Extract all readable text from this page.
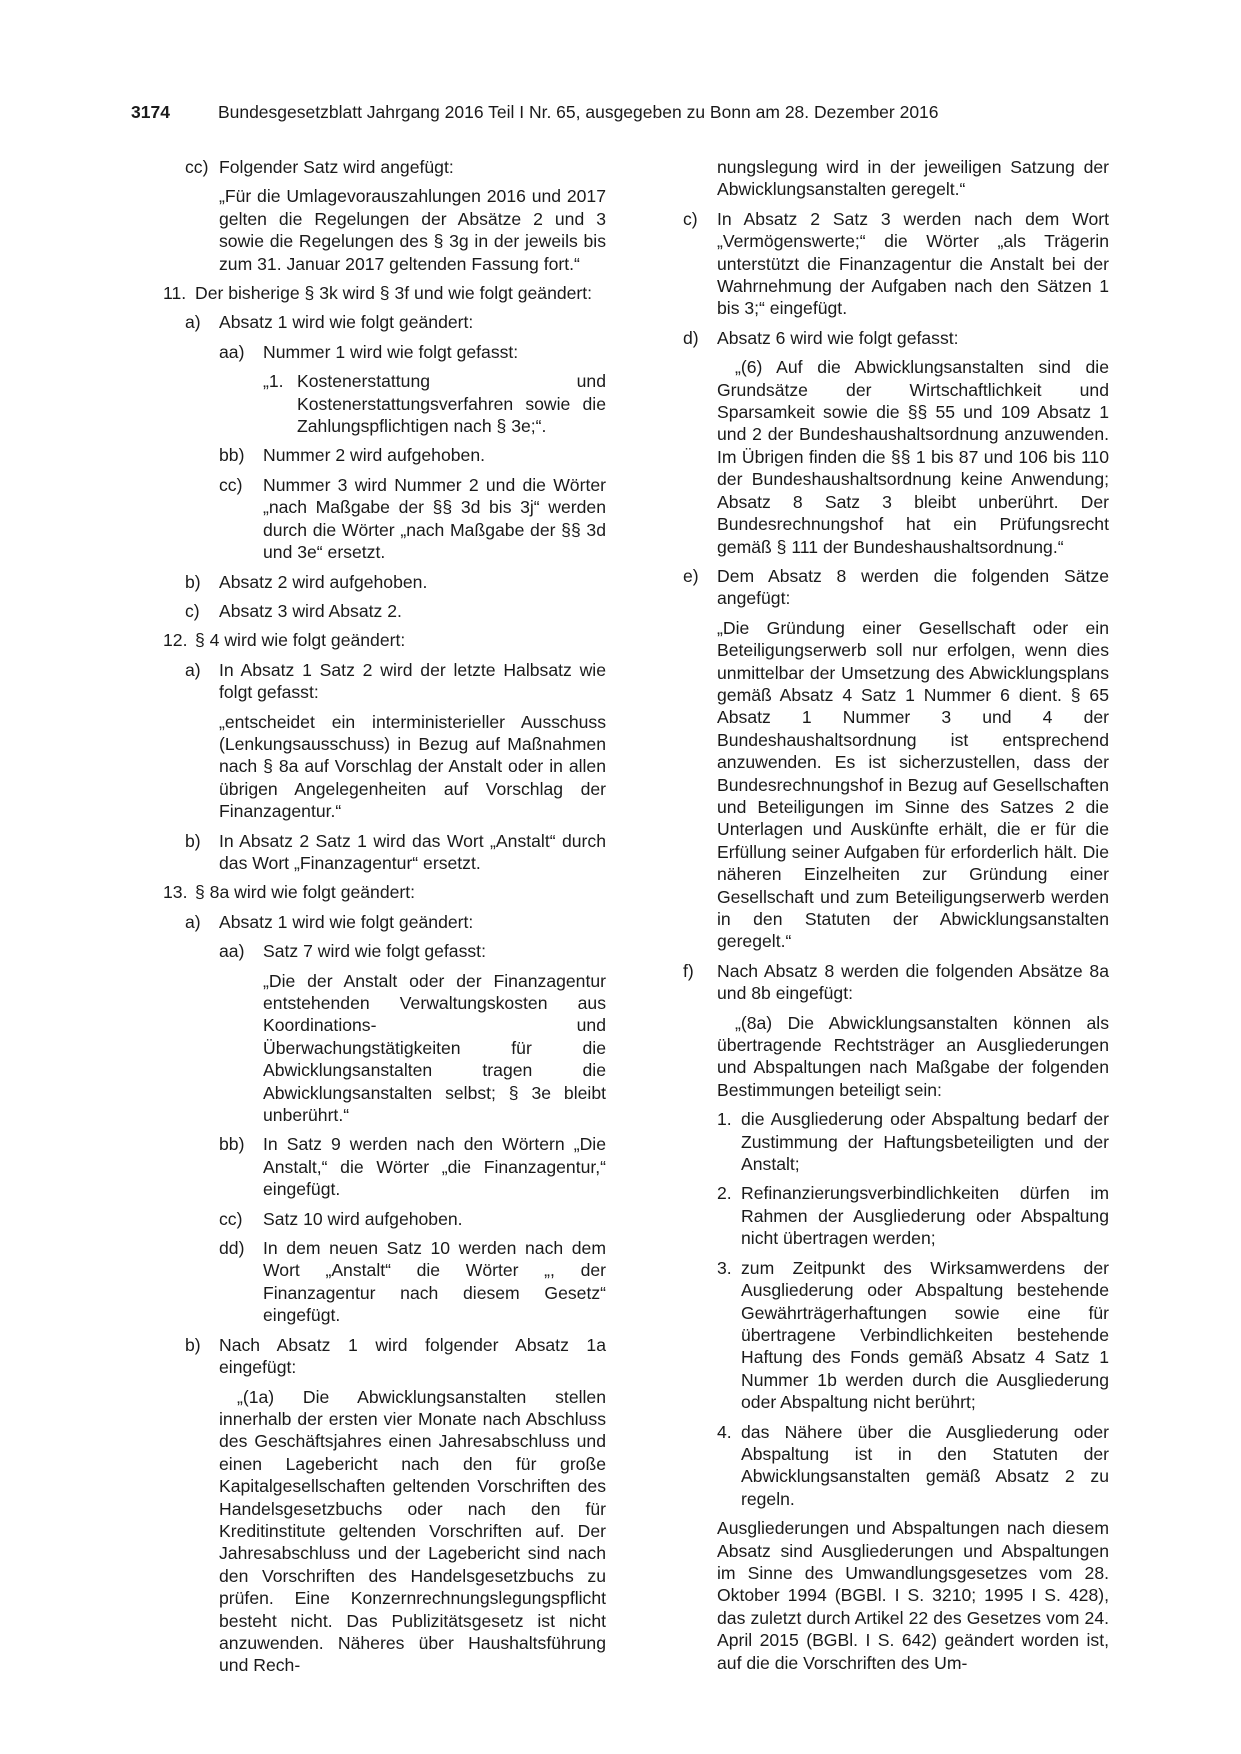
3174	Bundesgesetzblatt Jahrgang 2016 Teil I Nr. 65, ausgegeben zu Bonn am 28. Dezember 2016

cc) Folgender Satz wird angefügt:

„Für die Umlagevorauszahlungen 2016 und 2017 gelten die Regelungen der Absätze 2 und 3 sowie die Regelungen des § 3g in der jeweils bis zum 31. Januar 2017 geltenden Fassung fort.“

11. Der bisherige § 3k wird § 3f und wie folgt geändert:

a) Absatz 1 wird wie folgt geändert:

aa) Nummer 1 wird wie folgt gefasst:

„1. Kostenerstattung und Kostenerstattungsverfahren sowie die Zahlungspflichtigen nach § 3e;“.

bb) Nummer 2 wird aufgehoben.

cc) Nummer 3 wird Nummer 2 und die Wörter „nach Maßgabe der §§ 3d bis 3j“ werden durch die Wörter „nach Maßgabe der §§ 3d und 3e“ ersetzt.

b) Absatz 2 wird aufgehoben.

c) Absatz 3 wird Absatz 2.

12. § 4 wird wie folgt geändert:

a) In Absatz 1 Satz 2 wird der letzte Halbsatz wie folgt gefasst:

„entscheidet ein interministerieller Ausschuss (Lenkungsausschuss) in Bezug auf Maßnahmen nach § 8a auf Vorschlag der Anstalt oder in allen übrigen Angelegenheiten auf Vorschlag der Finanzagentur.“

b) In Absatz 2 Satz 1 wird das Wort „Anstalt“ durch das Wort „Finanzagentur“ ersetzt.

13. § 8a wird wie folgt geändert:

a) Absatz 1 wird wie folgt geändert:

aa) Satz 7 wird wie folgt gefasst:

„Die der Anstalt oder der Finanzagentur entstehenden Verwaltungskosten aus Koordinations- und Überwachungstätigkeiten für die Abwicklungsanstalten tragen die Abwicklungsanstalten selbst; § 3e bleibt unberührt.“

bb) In Satz 9 werden nach den Wörtern „Die Anstalt,“ die Wörter „die Finanzagentur,“ eingefügt.

cc) Satz 10 wird aufgehoben.

dd) In dem neuen Satz 10 werden nach dem Wort „Anstalt“ die Wörter „, der Finanzagentur nach diesem Gesetz“ eingefügt.

b) Nach Absatz 1 wird folgender Absatz 1a eingefügt:

„(1a) Die Abwicklungsanstalten stellen innerhalb der ersten vier Monate nach Abschluss des Geschäftsjahres einen Jahresabschluss und einen Lagebericht nach den für große Kapitalgesellschaften geltenden Vorschriften des Handelsgesetzbuchs oder nach den für Kreditinstitute geltenden Vorschriften auf. Der Jahresabschluss und der Lagebericht sind nach den Vorschriften des Handelsgesetzbuchs zu prüfen. Eine Konzernrechnungslegungspflicht besteht nicht. Das Publizitätsgesetz ist nicht anzuwenden. Näheres über Haushaltsführung und Rech-

nungslegung wird in der jeweiligen Satzung der Abwicklungsanstalten geregelt.“

c) In Absatz 2 Satz 3 werden nach dem Wort „Vermögenswerte;“ die Wörter „als Trägerin unterstützt die Finanzagentur die Anstalt bei der Wahrnehmung der Aufgaben nach den Sätzen 1 bis 3;“ eingefügt.

d) Absatz 6 wird wie folgt gefasst:

„(6) Auf die Abwicklungsanstalten sind die Grundsätze der Wirtschaftlichkeit und Sparsamkeit sowie die §§ 55 und 109 Absatz 1 und 2 der Bundeshaushaltsordnung anzuwenden. Im Übrigen finden die §§ 1 bis 87 und 106 bis 110 der Bundeshaushaltsordnung keine Anwendung; Absatz 8 Satz 3 bleibt unberührt. Der Bundesrechnungshof hat ein Prüfungsrecht gemäß § 111 der Bundeshaushaltsordnung.“

e) Dem Absatz 8 werden die folgenden Sätze angefügt:

„Die Gründung einer Gesellschaft oder ein Beteiligungserwerb soll nur erfolgen, wenn dies unmittelbar der Umsetzung des Abwicklungsplans gemäß Absatz 4 Satz 1 Nummer 6 dient. § 65 Absatz 1 Nummer 3 und 4 der Bundeshaushaltsordnung ist entsprechend anzuwenden. Es ist sicherzustellen, dass der Bundesrechnungshof in Bezug auf Gesellschaften und Beteiligungen im Sinne des Satzes 2 die Unterlagen und Auskünfte erhält, die er für die Erfüllung seiner Aufgaben für erforderlich hält. Die näheren Einzelheiten zur Gründung einer Gesellschaft und zum Beteiligungserwerb werden in den Statuten der Abwicklungsanstalten geregelt.“

f) Nach Absatz 8 werden die folgenden Absätze 8a und 8b eingefügt:

„(8a) Die Abwicklungsanstalten können als übertragende Rechtsträger an Ausgliederungen und Abspaltungen nach Maßgabe der folgenden Bestimmungen beteiligt sein:

1. die Ausgliederung oder Abspaltung bedarf der Zustimmung der Haftungsbeteiligten und der Anstalt;

2. Refinanzierungsverbindlichkeiten dürfen im Rahmen der Ausgliederung oder Abspaltung nicht übertragen werden;

3. zum Zeitpunkt des Wirksamwerdens der Ausgliederung oder Abspaltung bestehende Gewährträgerhaftungen sowie eine für übertragene Verbindlichkeiten bestehende Haftung des Fonds gemäß Absatz 4 Satz 1 Nummer 1b werden durch die Ausgliederung oder Abspaltung nicht berührt;

4. das Nähere über die Ausgliederung oder Abspaltung ist in den Statuten der Abwicklungsanstalten gemäß Absatz 2 zu regeln.

Ausgliederungen und Abspaltungen nach diesem Absatz sind Ausgliederungen und Abspaltungen im Sinne des Umwandlungsgesetzes vom 28. Oktober 1994 (BGBl. I S. 3210; 1995 I S. 428), das zuletzt durch Artikel 22 des Gesetzes vom 24. April 2015 (BGBl. I S. 642) geändert worden ist, auf die die Vorschriften des Um-
